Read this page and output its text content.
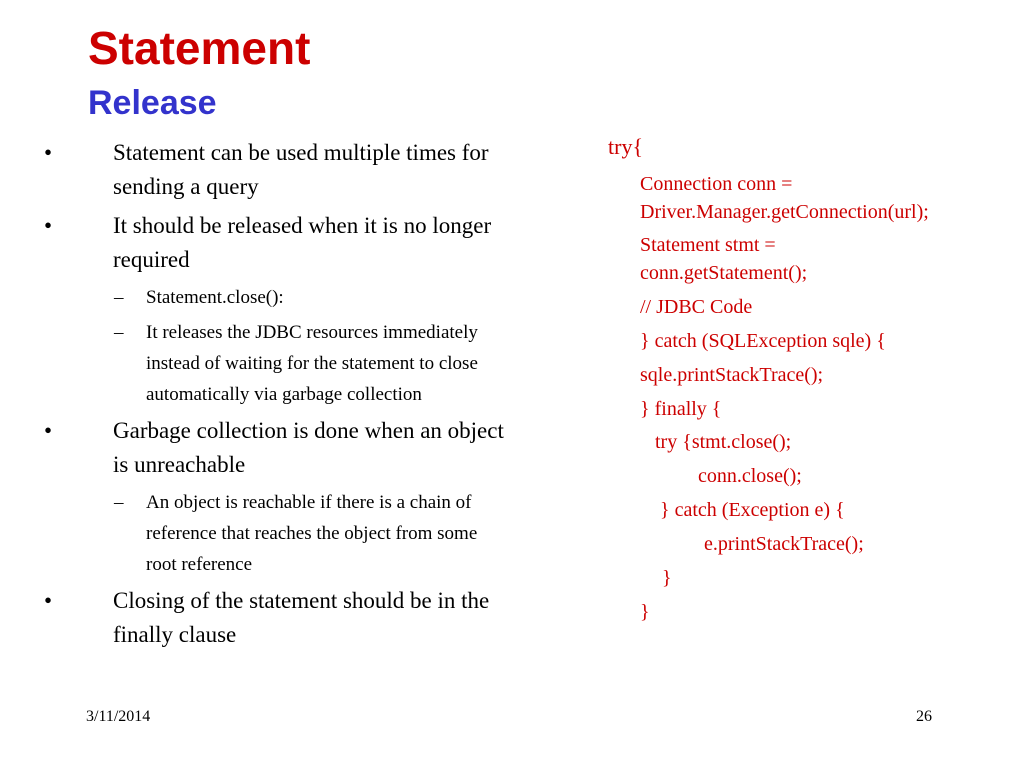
Statement
Release
•	Statement can be used multiple times for sending a query
•	It should be released when it is no longer required
– Statement.close():
– It releases the JDBC resources immediately instead of waiting for the statement to close automatically via garbage collection
•	Garbage collection is done when an object is unreachable
– An object is reachable if there is a chain of reference that reaches the object from some root reference
•	Closing of the statement should be in the finally clause
try{
Connection conn =
Driver.Manager.getConnection(url);
Statement stmt =
conn.getStatement();
// JDBC Code
} catch (SQLException sqle) {
sqle.printStackTrace();
} finally {
try {stmt.close();
conn.close();
} catch (Exception e) {
e.printStackTrace();
}
}
3/11/2014	26
